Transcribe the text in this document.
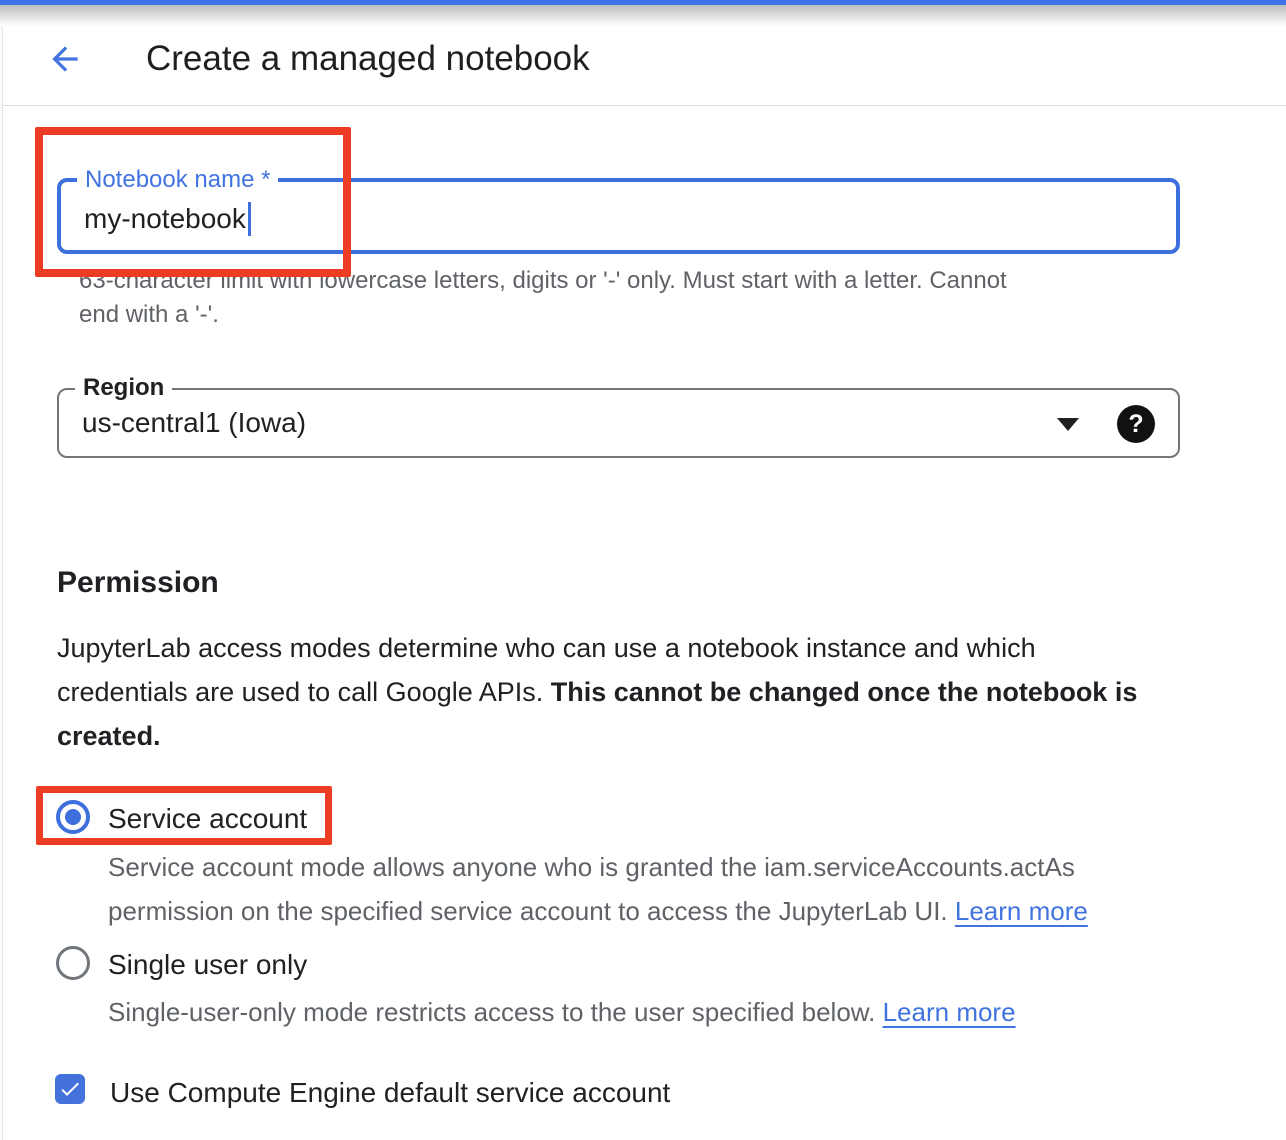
Create a managed notebook
Notebook name *
my-notebook
63-character limit with lowercase letters, digits or '-' only. Must start with a letter. Cannot
end with a '-'.
Region
us-central1 (Iowa)	?
Permission
JupyterLab access modes determine who can use a notebook instance and which
credentials are used to call Google APIs. This cannot be changed once the notebook is
created.
Service account
Service account mode allows anyone who is granted the iam.serviceAccounts.actAs
permission on the specified service account to access the JupyterLab UI. Learn more
Single user only
Single-user-only mode restricts access to the user specified below. Learn more
Use Compute Engine default service account
